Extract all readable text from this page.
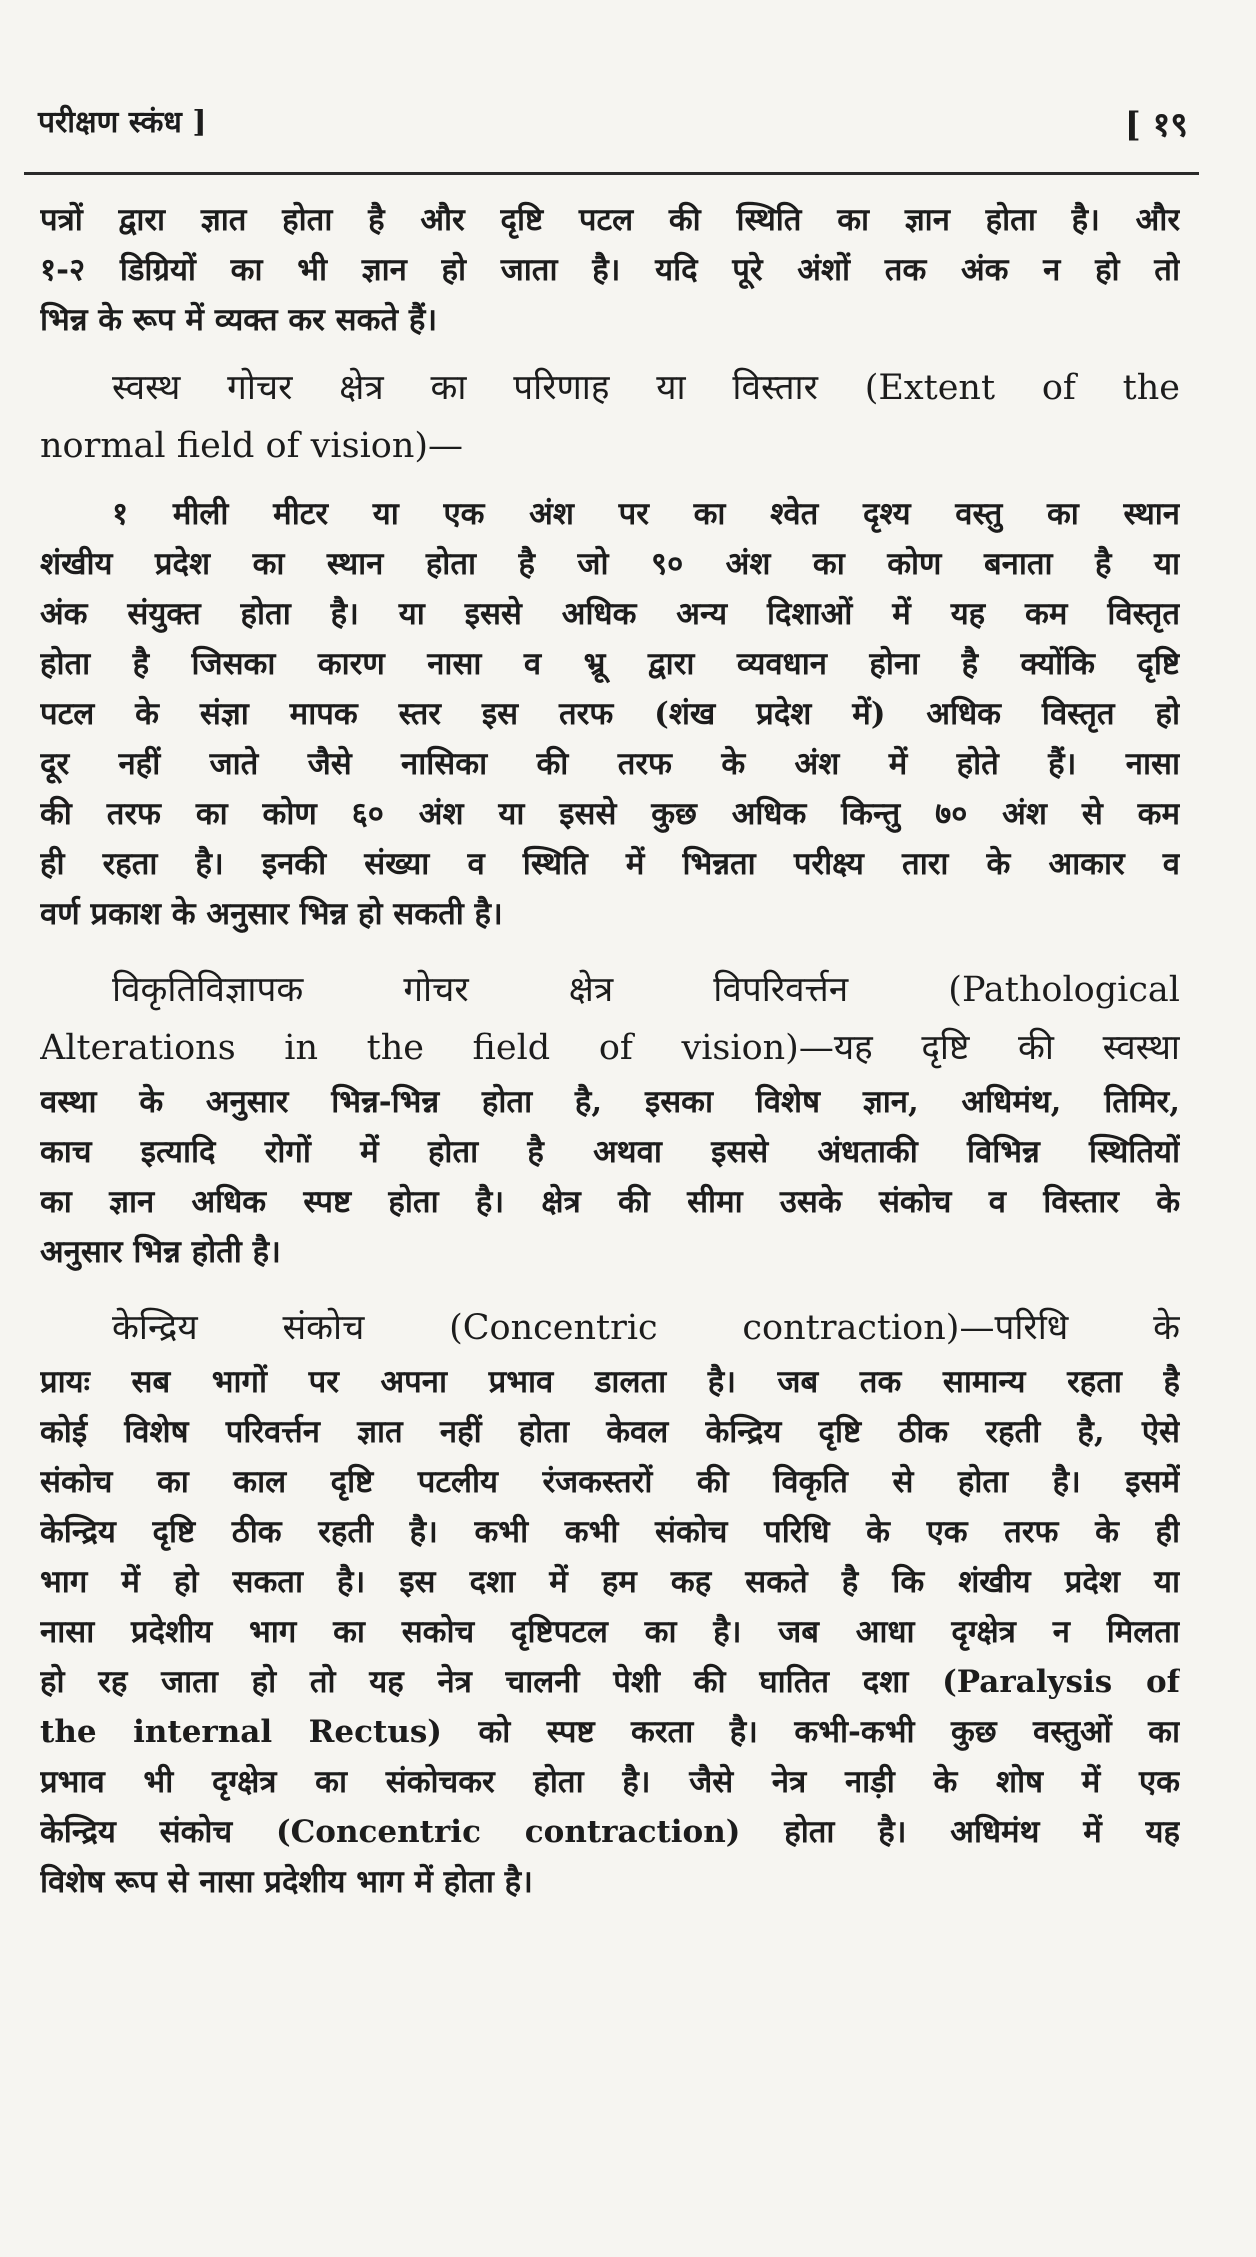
परीक्षण स्कंध ]	[ १९
पत्रों द्वारा ज्ञात होता है और दृष्टि पटल की स्थिति का ज्ञान होता है। और
१-२ डिग्रियों का भी ज्ञान हो जाता है। यदि पूरे अंशों तक अंक न हो तो
भिन्न के रूप में व्यक्त कर सकते हैं।
स्वस्थ गोचर क्षेत्र का परिणाह या विस्तार (Extent of the
normal field of vision)—
१ मीली मीटर या एक अंश पर का श्वेत दृश्य वस्तु का स्थान
शंखीय प्रदेश का स्थान होता है जो ९० अंश का कोण बनाता है या
अंक संयुक्त होता है। या इससे अधिक अन्य दिशाओं में यह कम विस्तृत
होता है जिसका कारण नासा व भ्रू द्वारा व्यवधान होना है क्योंकि दृष्टि
पटल के संज्ञा मापक स्तर इस तरफ (शंख प्रदेश में) अधिक विस्तृत हो
दूर नहीं जाते जैसे नासिका की तरफ के अंश में होते हैं। नासा
की तरफ का कोण ६० अंश या इससे कुछ अधिक किन्तु ७० अंश से कम
ही रहता है। इनकी संख्या व स्थिति में भिन्नता परीक्ष्य तारा के आकार व
वर्ण प्रकाश के अनुसार भिन्न हो सकती है।
विकृतिविज्ञापक गोचर क्षेत्र विपरिवर्त्तन (Pathological
Alterations in the field of vision)—यह दृष्टि की स्वस्था
वस्था के अनुसार भिन्न-भिन्न होता है, इसका विशेष ज्ञान, अधिमंथ, तिमिर,
काच इत्यादि रोगों में होता है अथवा इससे अंधताकी विभिन्न स्थितियों
का ज्ञान अधिक स्पष्ट होता है। क्षेत्र की सीमा उसके संकोच व विस्तार के
अनुसार भिन्न होती है।
केन्द्रिय संकोच (Concentric contraction)—परिधि के
प्रायः सब भागों पर अपना प्रभाव डालता है। जब तक सामान्य रहता है
कोई विशेष परिवर्त्तन ज्ञात नहीं होता केवल केन्द्रिय दृष्टि ठीक रहती है, ऐसे
संकोच का काल दृष्टि पटलीय रंजकस्तरों की विकृति से होता है। इसमें
केन्द्रिय दृष्टि ठीक रहती है। कभी कभी संकोच परिधि के एक तरफ के ही
भाग में हो सकता है। इस दशा में हम कह सकते है कि शंखीय प्रदेश या
नासा प्रदेशीय भाग का सकोच दृष्टिपटल का है। जब आधा दृग्क्षेत्र न मिलता
हो रह जाता हो तो यह नेत्र चालनी पेशी की घातित दशा (Paralysis of
the internal Rectus) को स्पष्ट करता है। कभी-कभी कुछ वस्तुओं का
प्रभाव भी दृग्क्षेत्र का संकोचकर होता है। जैसे नेत्र नाड़ी के शोष में एक
केन्द्रिय संकोच (Concentric contraction) होता है। अधिमंथ में यह
विशेष रूप से नासा प्रदेशीय भाग में होता है।
